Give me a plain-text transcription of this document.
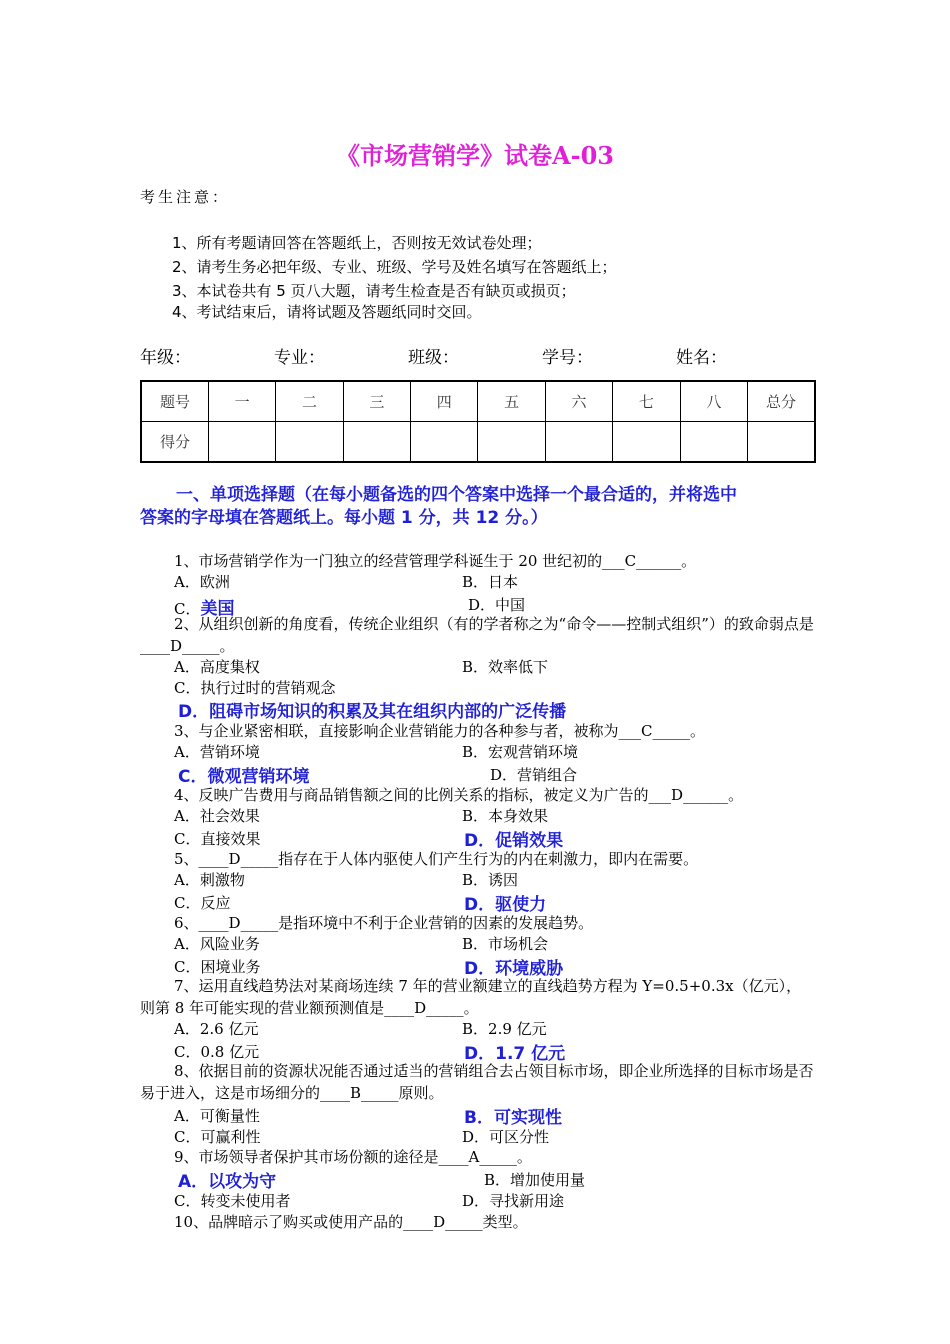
《市场营销学》试卷A-03
考生注意：
1、所有考题请回答在答题纸上，否则按无效试卷处理；
2、请考生务必把年级、专业、班级、学号及姓名填写在答题纸上；
3、本试卷共有 5 页八大题，请考生检查是否有缺页或损页；
4、考试结束后，请将试题及答题纸同时交回。
年级：	专业：	班级：	学号：	姓名：
题号	一	二	三	四	五	六	七	八	总分
得分									
一、单项选择题（在每小题备选的四个答案中选择一个最合适的，并将选中
答案的字母填在答题纸上。每小题 1 分，共 12 分。）
1、市场营销学作为一门独立的经营管理学科诞生于 20 世纪初的___C______。
A．欧洲	B．日本
C．美国	D．中国
2、从组织创新的角度看，传统企业组织（有的学者称之为“命令——控制式组织”）的致命弱点是____D_____。
A．高度集权	B．效率低下
C．执行过时的营销观念
D．阻碍市场知识的积累及其在组织内部的广泛传播
3、与企业紧密相联，直接影响企业营销能力的各种参与者，被称为___C_____。
A．营销环境	B．宏观营销环境
C．微观营销环境	D．营销组合
4、反映广告费用与商品销售额之间的比例关系的指标，被定义为广告的___D______。
A．社会效果	B．本身效果
C．直接效果	D．促销效果
5、____D_____指存在于人体内驱使人们产生行为的内在刺激力，即内在需要。
A．刺激物	B．诱因
C．反应	D．驱使力
6、____D_____是指环境中不利于企业营销的因素的发展趋势。
A．风险业务	B．市场机会
C．困境业务	D．环境威胁
7、运用直线趋势法对某商场连续 7 年的营业额建立的直线趋势方程为 Y=0.5+0.3x（亿元），则第 8 年可能实现的营业额预测值是____D_____。
A．2.6 亿元	B．2.9 亿元
C．0.8 亿元	D．1.7 亿元
8、依据目前的资源状况能否通过适当的营销组合去占领目标市场，即企业所选择的目标市场是否易于进入，这是市场细分的____B_____原则。
A．可衡量性	B．可实现性
C．可赢利性	D．可区分性
9、市场领导者保护其市场份额的途径是____A_____。
A．以攻为守	B．增加使用量
C．转变未使用者	D．寻找新用途
10、品牌暗示了购买或使用产品的____D_____类型。
